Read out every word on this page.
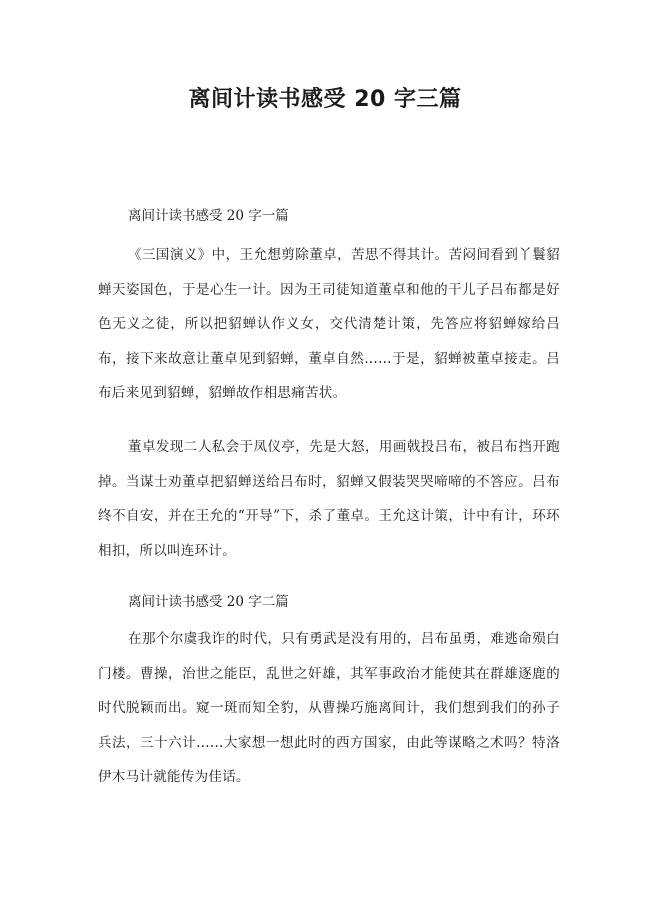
离间计读书感受 20 字三篇

离间计读书感受 20 字一篇

《三国演义》中，王允想剪除董卓，苦思不得其计。苦闷间看到丫鬟貂蝉天姿国色，于是心生一计。因为王司徒知道董卓和他的干儿子吕布都是好色无义之徒，所以把貂蝉认作义女，交代清楚计策，先答应将貂蝉嫁给吕布，接下来故意让董卓见到貂蝉，董卓自然……于是，貂蝉被董卓接走。吕布后来见到貂蝉，貂蝉故作相思痛苦状。

董卓发现二人私会于凤仪亭，先是大怒，用画戟投吕布，被吕布挡开跑掉。当谋士劝董卓把貂蝉送给吕布时，貂蝉又假装哭哭啼啼的不答应。吕布终不自安，并在王允的“开导”下，杀了董卓。王允这计策，计中有计，环环相扣，所以叫连环计。

离间计读书感受 20 字二篇

在那个尔虞我诈的时代，只有勇武是没有用的，吕布虽勇，难逃命殒白门楼。曹操，治世之能臣，乱世之奸雄，其军事政治才能使其在群雄逐鹿的时代脱颖而出。窥一斑而知全豹，从曹操巧施离间计，我们想到我们的孙子兵法，三十六计……大家想一想此时的西方国家，由此等谋略之术吗？特洛伊木马计就能传为佳话。
